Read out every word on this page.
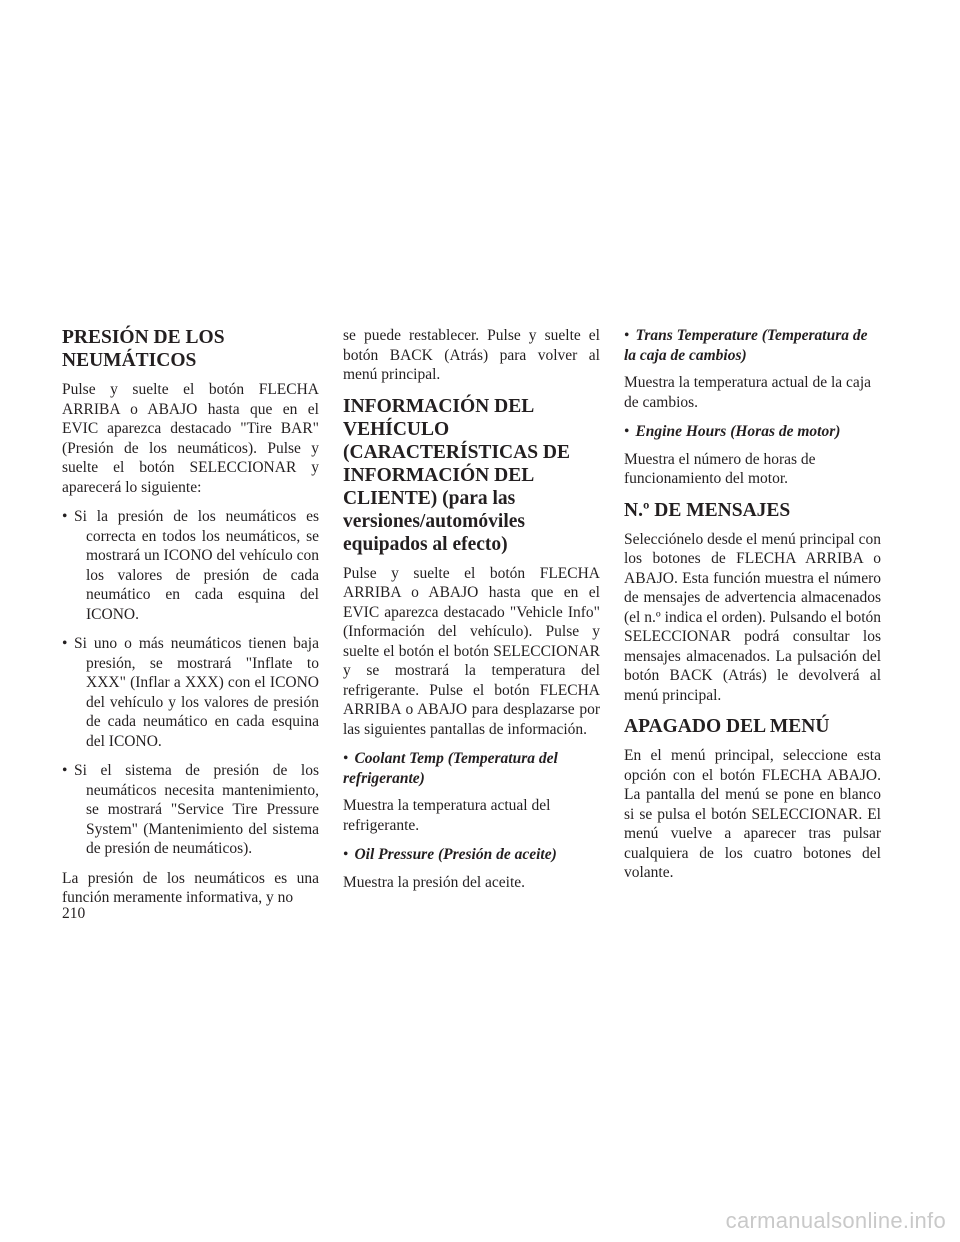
PRESIÓN DE LOS NEUMÁTICOS

Pulse y suelte el botón FLECHA ARRIBA o ABAJO hasta que en el EVIC aparezca destacado "Tire BAR" (Presión de los neumáticos). Pulse y suelte el botón SELECCIONAR y aparecerá lo siguiente:

• Si la presión de los neumáticos es correcta en todos los neumáticos, se mostrará un ICONO del vehículo con los valores de presión de cada neumático en cada esquina del ICONO.
• Si uno o más neumáticos tienen baja presión, se mostrará "Inflate to XXX" (Inflar a XXX) con el ICONO del vehículo y los valores de presión de cada neumático en cada esquina del ICONO.
• Si el sistema de presión de los neumáticos necesita mantenimiento, se mostrará "Service Tire Pressure System" (Mantenimiento del sistema de presión de neumáticos).

La presión de los neumáticos es una función meramente informativa, y no

se puede restablecer. Pulse y suelte el botón BACK (Atrás) para volver al menú principal.

INFORMACIÓN DEL VEHÍCULO (CARACTERÍSTICAS DE INFORMACIÓN DEL CLIENTE) (para las versiones/automóviles equipados al efecto)

Pulse y suelte el botón FLECHA ARRIBA o ABAJO hasta que en el EVIC aparezca destacado "Vehicle Info" (Información del vehículo). Pulse y suelte el botón el botón SELECCIONAR y se mostrará la temperatura del refrigerante. Pulse el botón FLECHA ARRIBA o ABAJO para desplazarse por las siguientes pantallas de información.

• Coolant Temp (Temperatura del refrigerante)

Muestra la temperatura actual del refrigerante.

• Oil Pressure (Presión de aceite)

Muestra la presión del aceite.

• Trans Temperature (Temperatura de la caja de cambios)

Muestra la temperatura actual de la caja de cambios.

• Engine Hours (Horas de motor)

Muestra el número de horas de funcionamiento del motor.

N.º DE MENSAJES

Selecciónelo desde el menú principal con los botones de FLECHA ARRIBA o ABAJO. Esta función muestra el número de mensajes de advertencia almacenados (el n.º indica el orden). Pulsando el botón SELECCIONAR podrá consultar los mensajes almacenados. La pulsación del botón BACK (Atrás) le devolverá al menú principal.

APAGADO DEL MENÚ

En el menú principal, seleccione esta opción con el botón FLECHA ABAJO. La pantalla del menú se pone en blanco si se pulsa el botón SELECCIONAR. El menú vuelve a aparecer tras pulsar cualquiera de los cuatro botones del volante.

210
carmanualsonline.info
